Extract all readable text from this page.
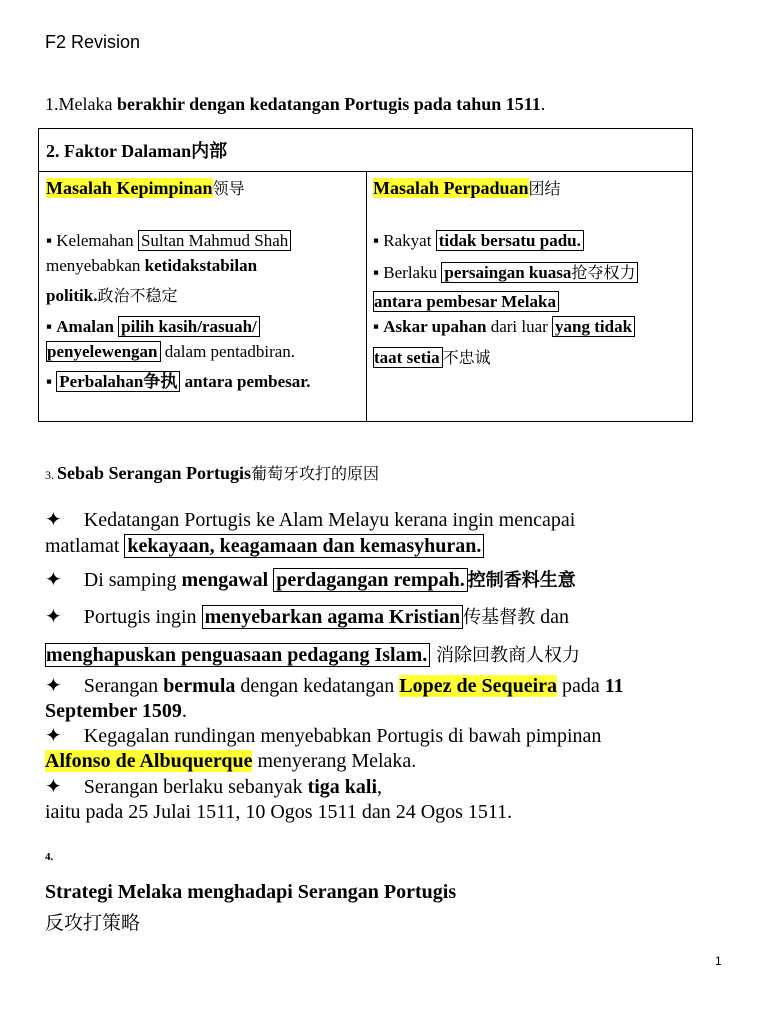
F2 Revision
1.Melaka berakhir dengan kedatangan Portugis pada tahun 1511.
2. Faktor Dalaman内部
Masalah Kepimpinan领导
▪ Kelemahan Sultan Mahmud Shah
menyebabkan ketidakstabilan
politik.政治不稳定
▪ Amalan pilih kasih/rasuah/
penyelewengan dalam pentadbiran.
▪ Perbalahan争执 antara pembesar.
Masalah Perpaduan团结
▪ Rakyat tidak bersatu padu.
▪ Berlaku persaingan kuasa抢夺权力
antara pembesar Melaka
▪ Askar upahan dari luar yang tidak
taat setia 不忠诚
3. Sebab Serangan Portugis葡萄牙攻打的原因
✦ Kedatangan Portugis ke Alam Melayu kerana ingin mencapai
matlamat kekayaan, keagamaan dan kemasyhuran.
✦ Di samping mengawal perdagangan rempah. 控制香料生意
✦ Portugis ingin menyebarkan agama Kristian 传基督教 dan
menghapuskan penguasaan pedagang Islam. 消除回教商人权力
✦ Serangan bermula dengan kedatangan Lopez de Sequeira pada 11
September 1509.
✦ Kegagalan rundingan menyebabkan Portugis di bawah pimpinan
Alfonso de Albuquerque menyerang Melaka.
✦ Serangan berlaku sebanyak tiga kali,
iaitu pada 25 Julai 1511, 10 Ogos 1511 dan 24 Ogos 1511.
4.
Strategi Melaka menghadapi Serangan Portugis
反攻打策略
1
